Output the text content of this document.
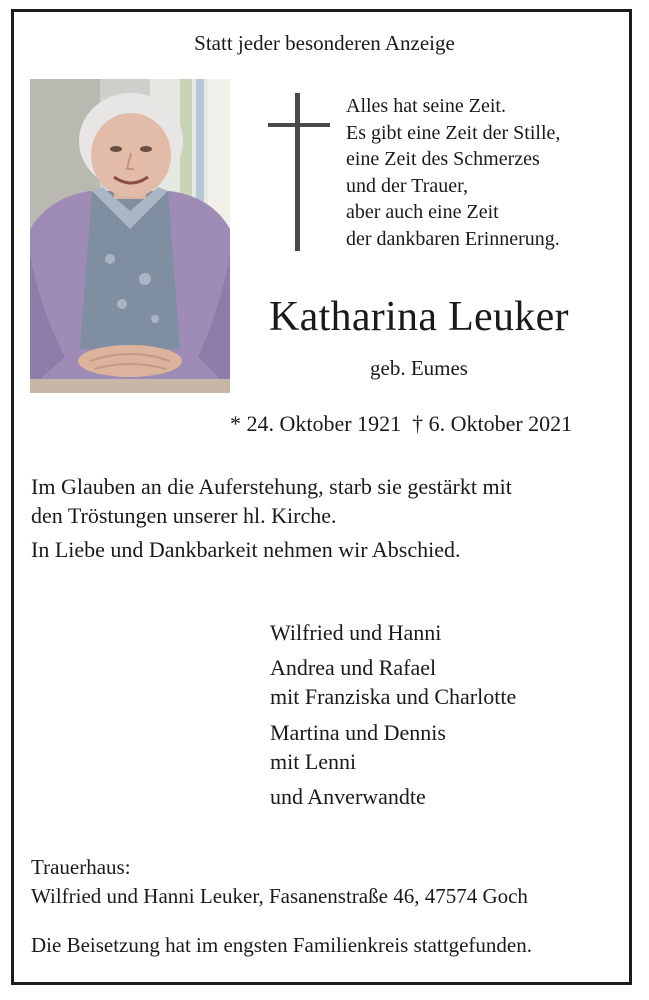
Statt jeder besonderen Anzeige
Alles hat seine Zeit.
Es gibt eine Zeit der Stille,
eine Zeit des Schmerzes
und der Trauer,
aber auch eine Zeit
der dankbaren Erinnerung.
Katharina Leuker
geb. Eumes
* 24. Oktober 1921  † 6. Oktober 2021
Im Glauben an die Auferstehung, starb sie gestärkt mit
den Tröstungen unserer hl. Kirche.
In Liebe und Dankbarkeit nehmen wir Abschied.
Wilfried und Hanni
Andrea und Rafael
mit Franziska und Charlotte
Martina und Dennis
mit Lenni
und Anverwandte
Trauerhaus:
Wilfried und Hanni Leuker, Fasanenstraße 46, 47574 Goch
Die Beisetzung hat im engsten Familienkreis stattgefunden.
